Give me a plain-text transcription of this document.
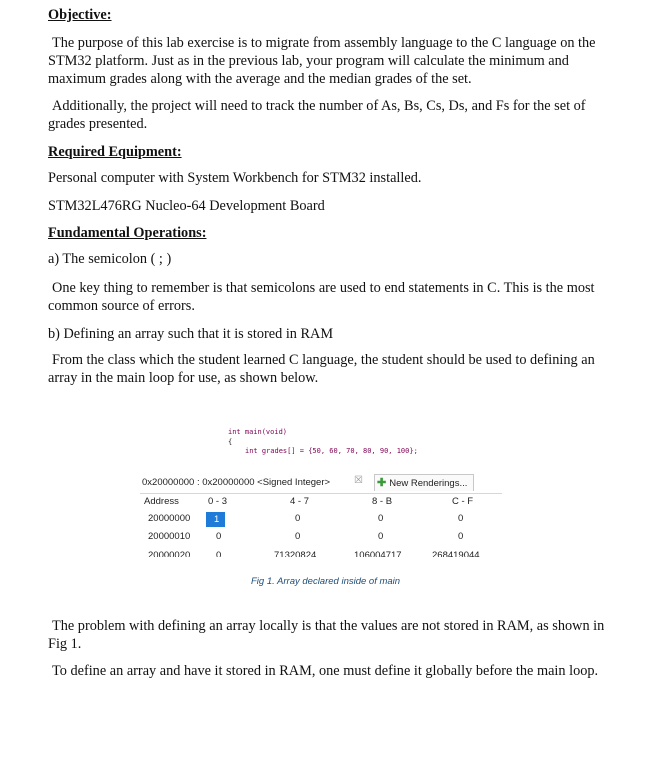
Objective:

The purpose of this lab exercise is to migrate from assembly language to the C language on the STM32 platform. Just as in the previous lab, your program will calculate the minimum and maximum grades along with the average and the median grades of the set.

Additionally, the project will need to track the number of As, Bs, Cs, Ds, and Fs for the set of grades presented.

Required Equipment:

Personal computer with System Workbench for STM32 installed.

STM32L476RG Nucleo-64 Development Board

Fundamental Operations:

a) The semicolon ( ; )

One key thing to remember is that semicolons are used to end statements in C. This is the most common source of errors.

b) Defining an array such that it is stored in RAM

From the class which the student learned C language, the student should be used to defining an array in the main loop for use, as shown below.

int main(void)
{
int grades[] = {50, 60, 70, 80, 90, 100};
0x20000000 : 0x20000000 <Signed Integer> ☒ ✚ New Renderings...
Address	0 - 3	4 - 7	8 - B	C - F
20000000	1	0	0	0
20000010	0	0	0	0
20000020	0	71320824	106004717	268419044

Fig 1. Array declared inside of main

The problem with defining an array locally is that the values are not stored in RAM, as shown in Fig 1.

To define an array and have it stored in RAM, one must define it globally before the main loop.
